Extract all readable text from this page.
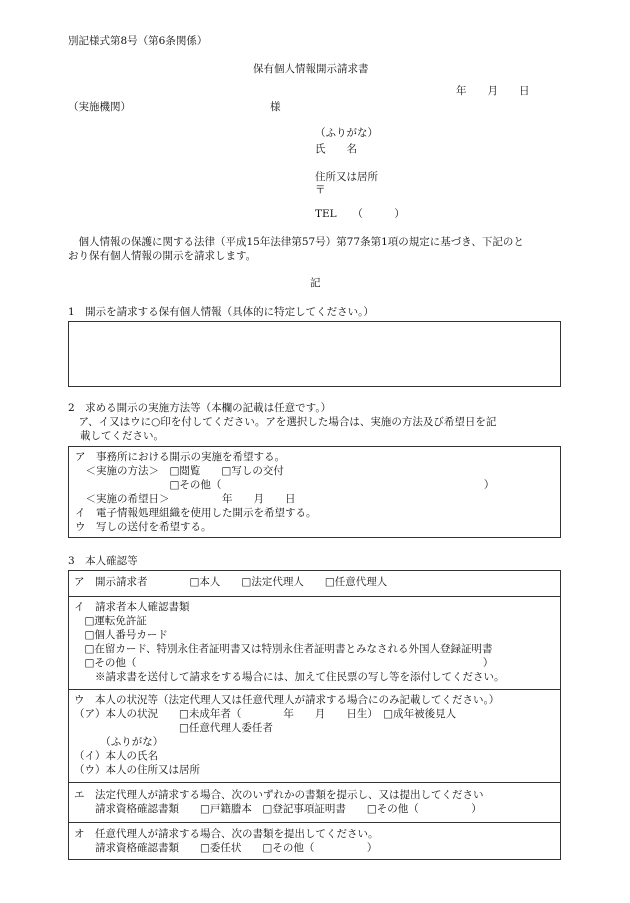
別記様式第8号（第6条関係）
保有個人情報開示請求書
年　　月　　日
（実施機関）	様
（ふりがな）
氏　　名
住所又は居所
〒
TEL　　（　　　）
　個人情報の保護に関する法律（平成15年法律第57号）第77条第1項の規定に基づき、下記のと
おり保有個人情報の開示を請求します。
記
1　開示を請求する保有個人情報（具体的に特定してください。）
2　求める開示の実施方法等（本欄の記載は任意です。）
　ア、イ又はウに○印を付してください。アを選択した場合は、実施の方法及び希望日を記
載してください。
ア　事務所における開示の実施を希望する。
　＜実施の方法＞　□閲覧　　□写しの交付
　　　　　　　　　□その他（　　　　　　　　　　　　　　　　　　　　　　　　　）
　＜実施の希望日＞　　　　　年　　月　　日
イ　電子情報処理組織を使用した開示を希望する。
ウ　写しの送付を希望する。
3　本人確認等
ア　開示請求者　　　　□本人　　□法定代理人　　□任意代理人
イ　請求者本人確認書類
　□運転免許証
　□個人番号カード
　□在留カード、特別永住者証明書又は特別永住者証明書とみなされる外国人登録証明書
　□その他（　　　　　　　　　　　　　　　　　　　　　　　　　　　　　　　　　）
　　※請求書を送付して請求をする場合には、加えて住民票の写し等を添付してください。
ウ　本人の状況等（法定代理人又は任意代理人が請求する場合にのみ記載してください。）
（ア）本人の状況　　□未成年者（　　　　年　　月　　日生）　□成年被後見人
　　　　　　　　　　□任意代理人委任者
　　　（ふりがな）
（イ）本人の氏名
（ウ）本人の住所又は居所
エ　法定代理人が請求する場合、次のいずれかの書類を提示し、又は提出してください
　　請求資格確認書類　　□戸籍謄本　□登記事項証明書　　□その他（　　　　　）
オ　任意代理人が請求する場合、次の書類を提出してください。
　　請求資格確認書類　　□委任状　　□その他（　　　　　）
